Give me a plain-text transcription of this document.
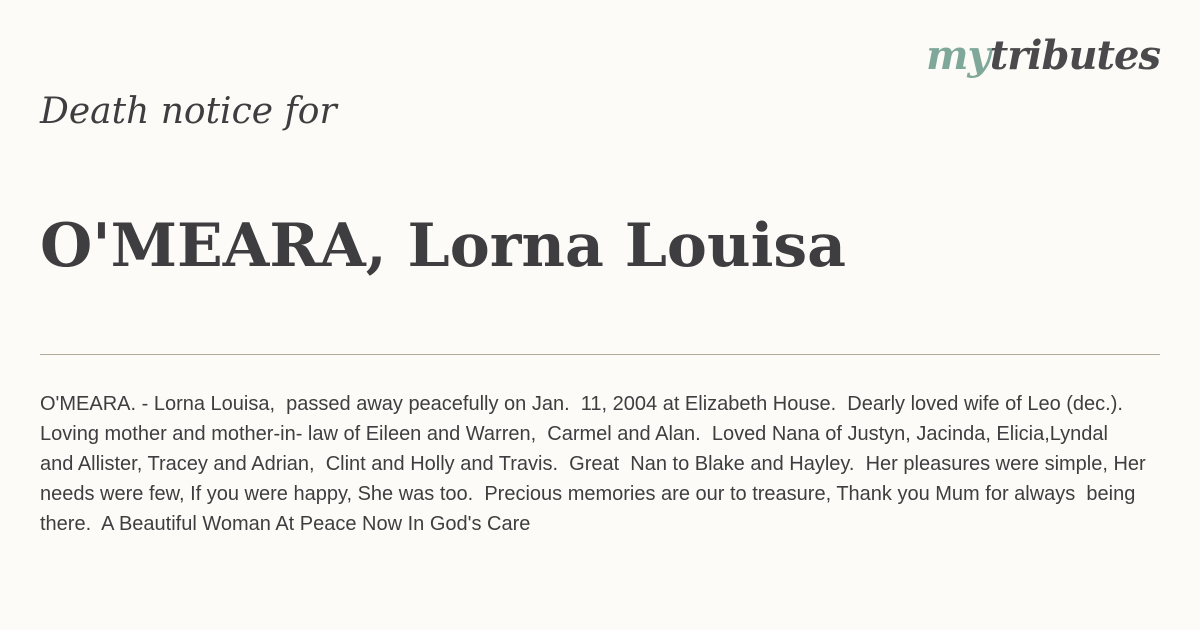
mytributes
Death notice for
O'MEARA, Lorna Louisa

O'MEARA. - Lorna Louisa,  passed away peacefully on Jan.  11, 2004 at Elizabeth House.  Dearly loved wife of Leo (dec.).  Loving mother and mother-in- law of Eileen and Warren,  Carmel and Alan.  Loved Nana of Justyn, Jacinda, Elicia,Lyndal  and Allister, Tracey and Adrian,  Clint and Holly and Travis.  Great  Nan to Blake and Hayley.  Her pleasures were simple, Her needs were few, If you were happy, She was too.  Precious memories are our to treasure, Thank you Mum for always  being there.  A Beautiful Woman At Peace Now In God's Care
